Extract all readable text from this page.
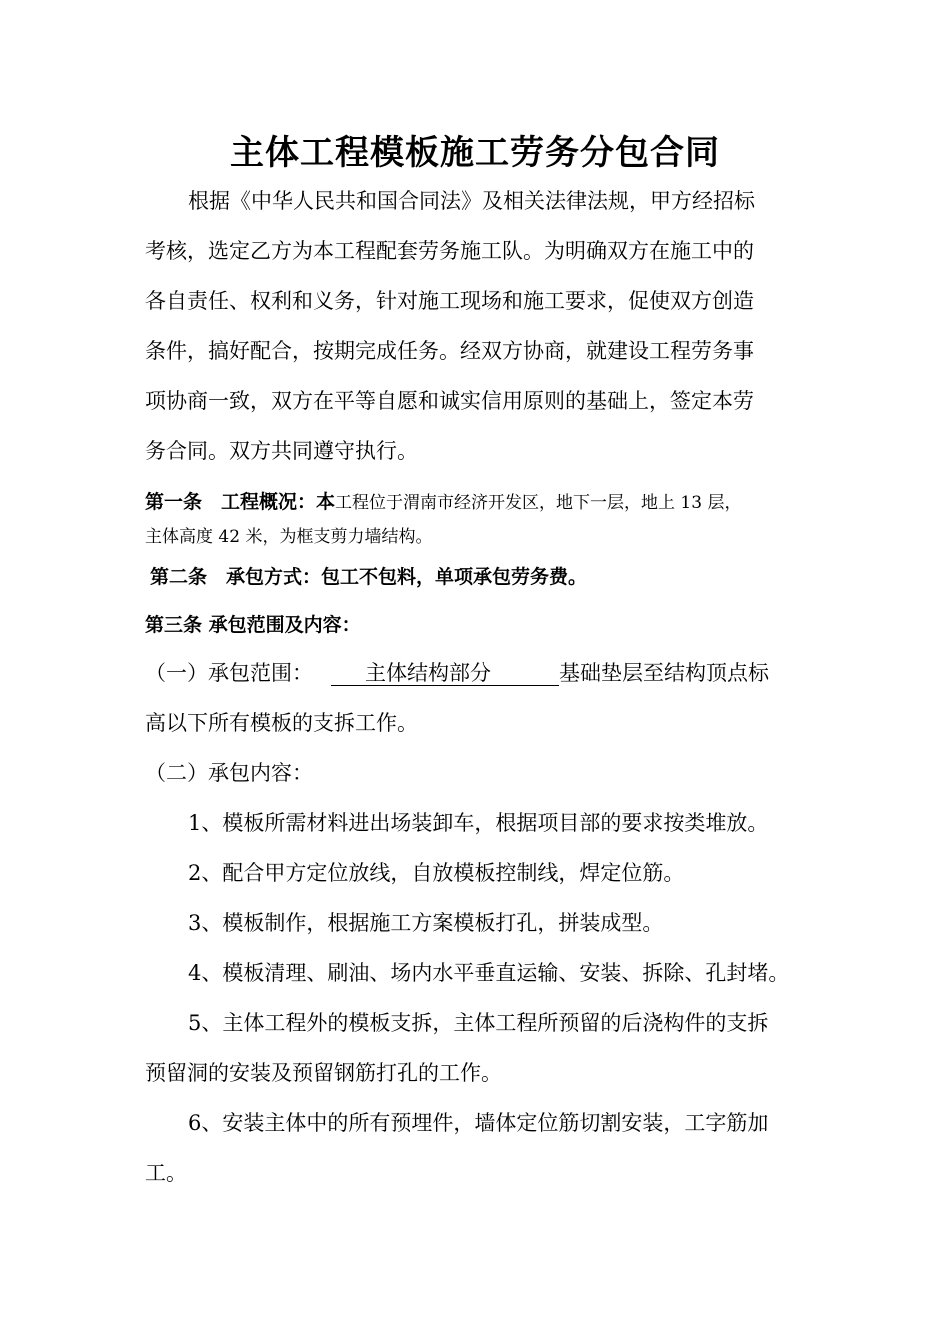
主体工程模板施工劳务分包合同
根据《中华人民共和国合同法》及相关法律法规，甲方经招标
考核，选定乙方为本工程配套劳务施工队。为明确双方在施工中的
各自责任、权利和义务，针对施工现场和施工要求，促使双方创造
条件，搞好配合，按期完成任务。经双方协商，就建设工程劳务事
项协商一致，双方在平等自愿和诚实信用原则的基础上，签定本劳
务合同。双方共同遵守执行。
第一条　工程概况：本工程位于渭南市经济开发区，地下一层，地上 13 层，
主体高度 42 米，为框支剪力墙结构。
第二条　承包方式：包工不包料，单项承包劳务费。
第三条 承包范围及内容：
（一）承包范围： 主体结构部分	基础垫层至结构顶点标
高以下所有模板的支拆工作。
（二）承包内容：
1、模板所需材料进出场装卸车，根据项目部的要求按类堆放。
2、配合甲方定位放线，自放模板控制线，焊定位筋。
3、模板制作，根据施工方案模板打孔，拼装成型。
4、模板清理、刷油、场内水平垂直运输、安装、拆除、孔封堵。
5、主体工程外的模板支拆，主体工程所预留的后浇构件的支拆
预留洞的安装及预留钢筋打孔的工作。
6、安装主体中的所有预埋件，墙体定位筋切割安装，工字筋加
工。
